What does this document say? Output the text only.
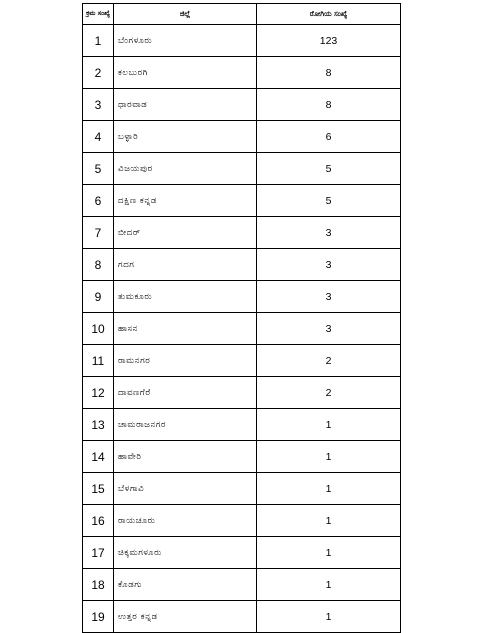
ಕ್ರಮ ಸಂಖ್ಯೆ	ಜಿಲ್ಲೆ	ರೋಗಿಯ ಸಂಖ್ಯೆ
1	ಬೆಂಗಳೂರು	123
2	ಕಲಬುರಗಿ	8
3	ಧಾರವಾಡ	8
4	ಬಳ್ಳಾರಿ	6
5	ವಿಜಯಪುರ	5
6	ದಕ್ಷಿಣ ಕನ್ನಡ	5
7	ಬೀದರ್	3
8	ಗದಗ	3
9	ತುಮಕೂರು	3
10	ಹಾಸನ	3
11	ರಾಮನಗರ	2
12	ದಾವಣಗೆರೆ	2
13	ಚಾಮರಾಜನಗರ	1
14	ಹಾವೇರಿ	1
15	ಬೆಳಗಾವಿ	1
16	ರಾಯಚೂರು	1
17	ಚಿಕ್ಕಮಗಳೂರು	1
18	ಕೊಡಗು	1
19	ಉತ್ತರ ಕನ್ನಡ	1
